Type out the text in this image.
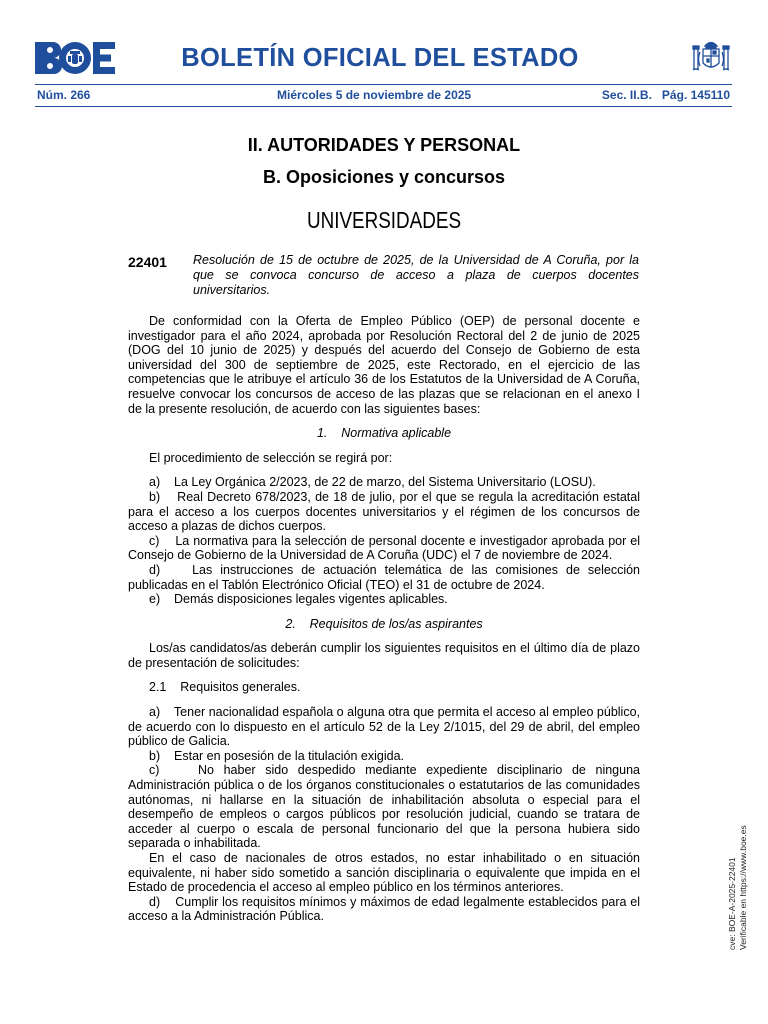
BOLETÍN OFICIAL DEL ESTADO
Núm. 266	Miércoles 5 de noviembre de 2025	Sec. II.B.   Pág. 145110
II. AUTORIDADES Y PERSONAL
B. Oposiciones y concursos
UNIVERSIDADES
22401 Resolución de 15 de octubre de 2025, de la Universidad de A Coruña, por la que se convoca concurso de acceso a plaza de cuerpos docentes universitarios.

De conformidad con la Oferta de Empleo Público (OEP) de personal docente e investigador para el año 2024, aprobada por Resolución Rectoral del 2 de junio de 2025 (DOG del 10 junio de 2025) y después del acuerdo del Consejo de Gobierno de esta universidad del 300 de septiembre de 2025, este Rectorado, en el ejercicio de las competencias que le atribuye el artículo 36 de los Estatutos de la Universidad de A Coruña, resuelve convocar los concursos de acceso de las plazas que se relacionan en el anexo I de la presente resolución, de acuerdo con las siguientes bases:

1.    Normativa aplicable

El procedimiento de selección se regirá por:

a)    La Ley Orgánica 2/2023, de 22 de marzo, del Sistema Universitario (LOSU).

b)    Real Decreto 678/2023, de 18 de julio, por el que se regula la acreditación estatal para el acceso a los cuerpos docentes universitarios y el régimen de los concursos de acceso a plazas de dichos cuerpos.

c)    La normativa para la selección de personal docente e investigador aprobada por el Consejo de Gobierno de la Universidad de A Coruña (UDC) el 7 de noviembre de 2024.

d)    Las instrucciones de actuación telemática de las comisiones de selección publicadas en el Tablón Electrónico Oficial (TEO) el 31 de octubre de 2024.

e)    Demás disposiciones legales vigentes aplicables.

2.    Requisitos de los/as aspirantes

Los/as candidatos/as deberán cumplir los siguientes requisitos en el último día de plazo de presentación de solicitudes:

2.1    Requisitos generales.

a)    Tener nacionalidad española o alguna otra que permita el acceso al empleo público, de acuerdo con lo dispuesto en el artículo 52 de la Ley 2/1015, del 29 de abril, del empleo público de Galicia.

b)    Estar en posesión de la titulación exigida.

c)    No haber sido despedido mediante expediente disciplinario de ninguna Administración pública o de los órganos constitucionales o estatutarios de las comunidades autónomas, ni hallarse en la situación de inhabilitación absoluta o especial para el desempeño de empleos o cargos públicos por resolución judicial, cuando se tratara de acceder al cuerpo o escala de personal funcionario del que la persona hubiera sido separada o inhabilitada.

En el caso de nacionales de otros estados, no estar inhabilitado o en situación equivalente, ni haber sido sometido a sanción disciplinaria o equivalente que impida en el Estado de procedencia el acceso al empleo público en los términos anteriores.

d)    Cumplir los requisitos mínimos y máximos de edad legalmente establecidos para el acceso a la Administración Pública.	cve: BOE-A-2025-22401 Verificable en https://www.boe.es
